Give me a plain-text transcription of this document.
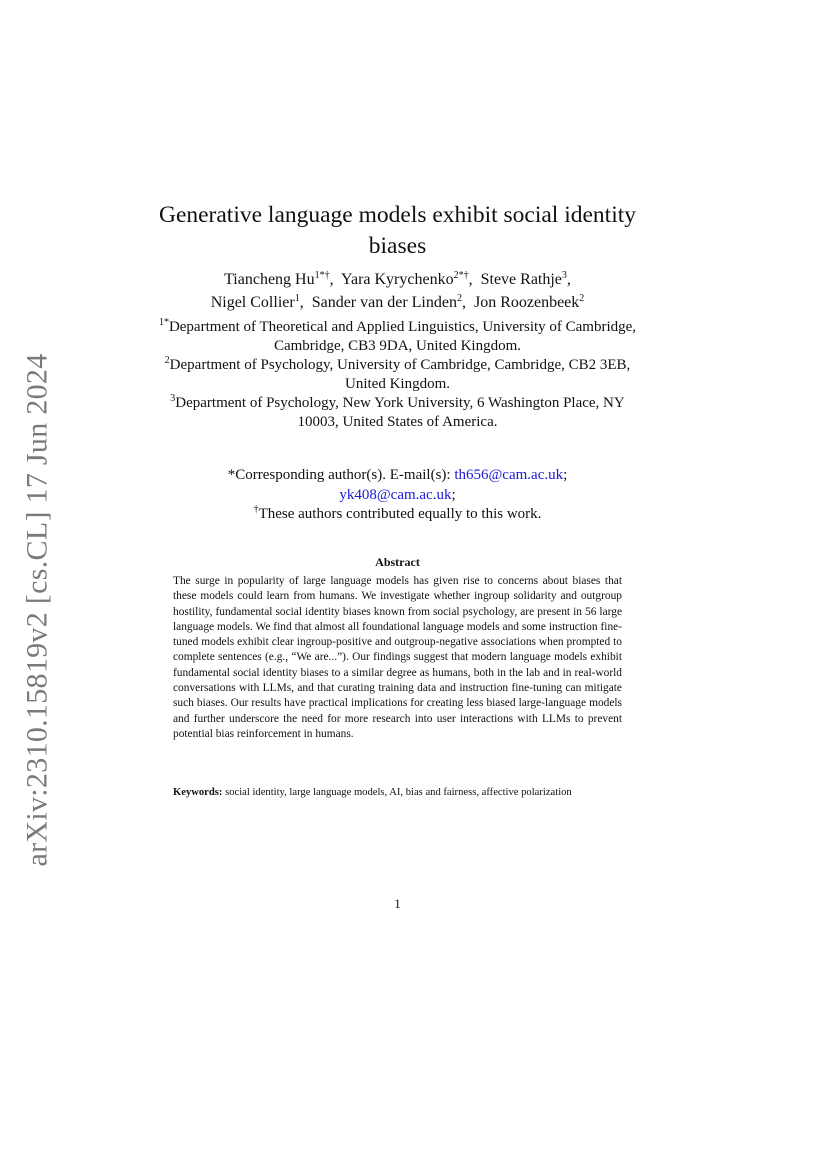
arXiv:2310.15819v2 [cs.CL] 17 Jun 2024
Generative language models exhibit social identity biases
Tiancheng $Hu^{1*\dagger}$,  Yara Kyrychenko$^{2*\dagger}$,  Steve Rathje$^3$,
Nigel Collier$^1$,  Sander van der Linden$^2$,  Jon Roozenbeek$^2$

$^{1*}$Department of Theoretical and Applied Linguistics, University of Cambridge, Cambridge, CB3 9DA, United Kingdom.

$^2$Department of Psychology, University of Cambridge, Cambridge, CB2 3EB, United Kingdom.

$^3$Department of Psychology, New York University, 6 Washington Place, NY 10003, United States of America.

*Corresponding author(s). E-mail(s): th656@cam.ac.uk;

yk408@cam.ac.uk;

†These authors contributed equally to this work.

Abstract
The surge in popularity of large language models has given rise to concerns about biases that these models could learn from humans. We investigate whether ingroup solidarity and outgroup hostility, fundamental social identity biases known from social psychology, are present in 56 large language models. We find that almost all foundational language models and some instruction fine-tuned models exhibit clear ingroup-positive and outgroup-negative associations when prompted to complete sentences (e.g., “We are...”). Our findings suggest that modern language models exhibit fundamental social identity biases to a similar degree as humans, both in the lab and in real-world conversations with LLMs, and that curating training data and instruction fine-tuning can mitigate such biases. Our results have practical implications for creating less biased large-language models and further underscore the need for more research into user interactions with LLMs to prevent potential bias reinforcement in humans.
Keywords: social identity, large language models, AI, bias and fairness, affective polarization
1
